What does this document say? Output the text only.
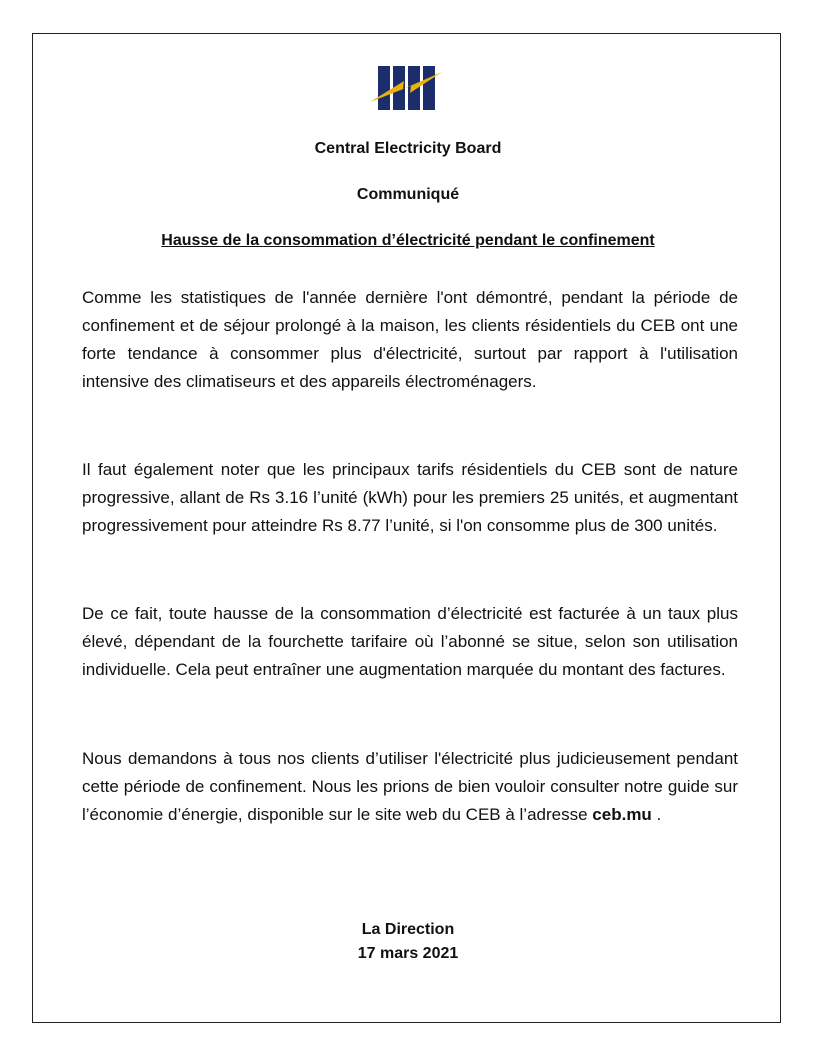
Central Electricity Board
Communiqué
Hausse de la consommation d’électricité pendant le confinement

Comme les statistiques de l'année dernière l'ont démontré, pendant la période de confinement et de séjour prolongé à la maison, les clients résidentiels du CEB ont une forte tendance à consommer plus d'électricité, surtout par rapport à l'utilisation intensive des climatiseurs et des appareils électroménagers.

Il faut également noter que les principaux tarifs résidentiels du CEB sont de nature progressive, allant de Rs 3.16 l’unité (kWh) pour les premiers 25 unités, et augmentant progressivement pour atteindre Rs 8.77 l’unité, si l'on consomme plus de 300 unités.

De ce fait, toute hausse de la consommation d’électricité est facturée à un taux plus élevé, dépendant de la fourchette tarifaire où l’abonné se situe, selon son utilisation individuelle. Cela peut entraîner une augmentation marquée du montant des factures.

Nous demandons à tous nos clients d’utiliser l'électricité plus judicieusement pendant cette période de confinement. Nous les prions de bien vouloir consulter notre guide sur l’économie d’énergie, disponible sur le site web du CEB à l’adresse ceb.mu .

La Direction
17 mars 2021
